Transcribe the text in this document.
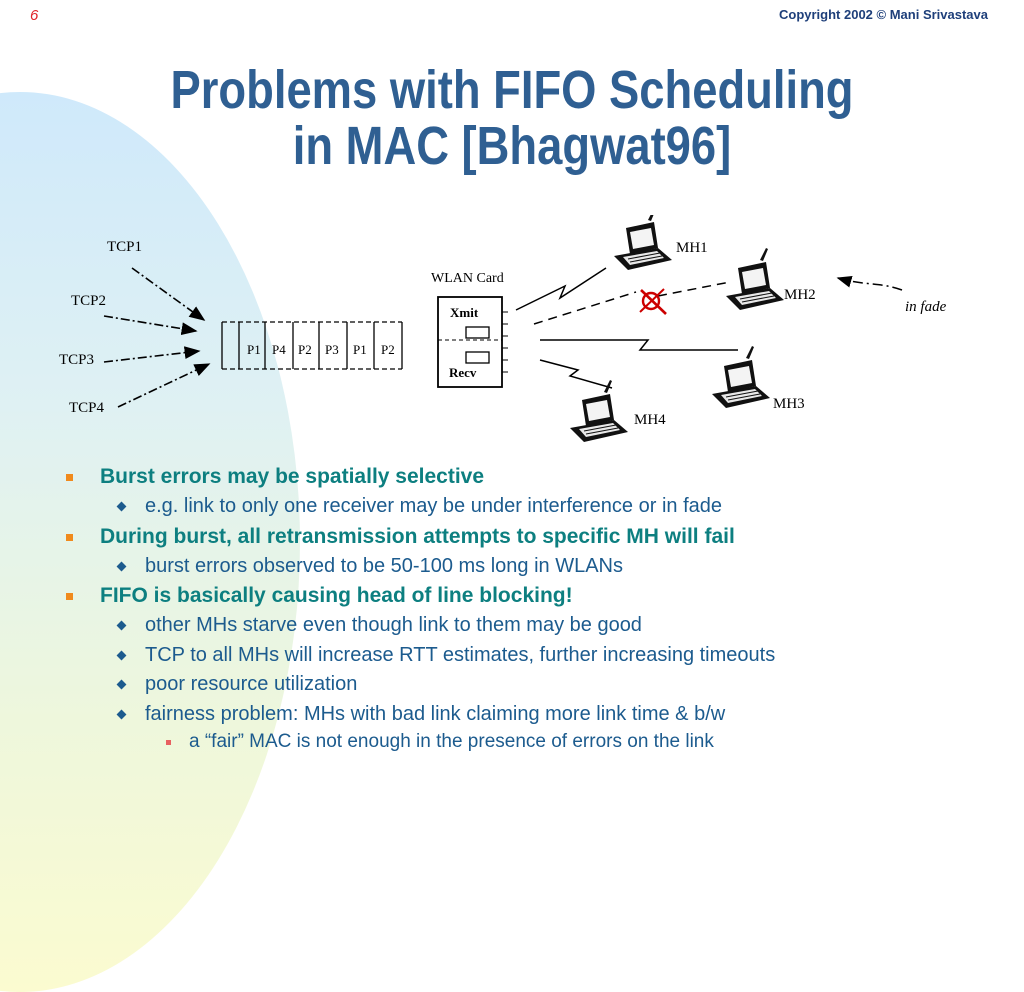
6	Copyright 2002 © Mani Srivastava
Problems with FIFO Scheduling
in MAC [Bhagwat96]
TCP1
TCP2
TCP3
TCP4
P1 P4 P2 P3 P1 P2
WLAN Card
Xmit
Recv
MH1
MH2
MH3
MH4
in fade
Burst errors may be spatially selective
e.g. link to only one receiver may be under interference or in fade
During burst, all retransmission attempts to specific MH will fail
burst errors observed to be 50-100 ms long in WLANs
FIFO is basically causing head of line blocking!
other MHs starve even though link to them may be good
TCP to all MHs will increase RTT estimates, further increasing timeouts
poor resource utilization
fairness problem: MHs with bad link claiming more link time & b/w
a “fair” MAC is not enough in the presence of errors on the link
